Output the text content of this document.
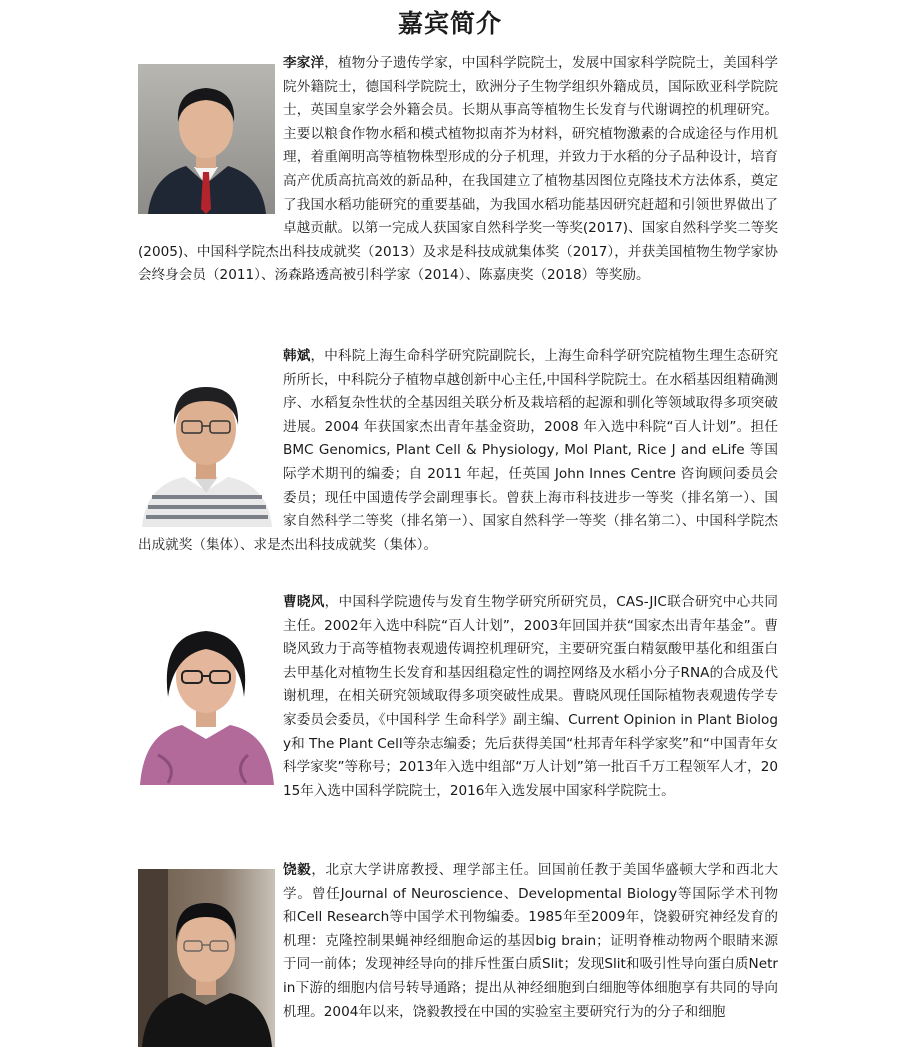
嘉宾简介

李家洋，植物分子遗传学家，中国科学院院士，发展中国家科学院院士，美国科学院外籍院士，德国科学院院士，欧洲分子生物学组织外籍成员，国际欧亚科学院院士，英国皇家学会外籍会员。长期从事高等植物生长发育与代谢调控的机理研究。主要以粮食作物水稻和模式植物拟南芥为材料，研究植物激素的合成途径与作用机理，着重阐明高等植物株型形成的分子机理，并致力于水稻的分子品种设计，培育高产优质高抗高效的新品种，在我国建立了植物基因图位克隆技术方法体系，奠定了我国水稻功能研究的重要基础，为我国水稻功能基因研究赶超和引领世界做出了卓越贡献。以第一完成人获国家自然科学奖一等奖(2017)、国家自然科学奖二等奖(2005)、中国科学院杰出科技成就奖（2013）及求是科技成就集体奖（2017），并获美国植物生物学家协会终身会员（2011）、汤森路透高被引科学家（2014）、陈嘉庚奖（2018）等奖励。

韩斌，中科院上海生命科学研究院副院长，上海生命科学研究院植物生理生态研究所所长，中科院分子植物卓越创新中心主任,中国科学院院士。在水稻基因组精确测序、水稻复杂性状的全基因组关联分析及栽培稻的起源和驯化等领域取得多项突破进展。2004 年获国家杰出青年基金资助，2008 年入选中科院“百人计划”。担任 BMC Genomics, Plant Cell & Physiology, Mol Plant, Rice J and eLife 等国际学术期刊的编委；自 2011 年起，任英国 John Innes Centre 咨询顾问委员会委员；现任中国遗传学会副理事长。曾获上海市科技进步一等奖（排名第一）、国家自然科学二等奖（排名第一）、国家自然科学一等奖（排名第二）、中国科学院杰出成就奖（集体）、求是杰出科技成就奖（集体）。

曹晓风，中国科学院遗传与发育生物学研究所研究员，CAS-JIC联合研究中心共同主任。2002年入选中科院“百人计划”，2003年回国并获“国家杰出青年基金”。曹晓风致力于高等植物表观遗传调控机理研究，主要研究蛋白精氨酸甲基化和组蛋白去甲基化对植物生长发育和基因组稳定性的调控网络及水稻小分子RNA的合成及代谢机理，在相关研究领域取得多项突破性成果。曹晓风现任国际植物表观遗传学专家委员会委员，《中国科学 生命科学》副主编、Current Opinion in Plant Biology和 The Plant Cell等杂志编委；先后获得美国“杜邦青年科学家奖”和“中国青年女科学家奖”等称号；2013年入选中组部“万人计划”第一批百千万工程领军人才，2015年入选中国科学院院士，2016年入选发展中国家科学院院士。

饶毅，北京大学讲席教授、理学部主任。回国前任教于美国华盛顿大学和西北大学。曾任Journal of Neuroscience、Developmental Biology等国际学术刊物和Cell Research等中国学术刊物编委。1985年至2009年，饶毅研究神经发育的机理：克隆控制果蝇神经细胞命运的基因big brain；证明脊椎动物两个眼睛来源于同一前体；发现神经导向的排斥性蛋白质Slit；发现Slit和吸引性导向蛋白质Netrin下游的细胞内信号转导通路；提出从神经细胞到白细胞等体细胞享有共同的导向机理。2004年以来，饶毅教授在中国的实验室主要研究行为的分子和细胞
